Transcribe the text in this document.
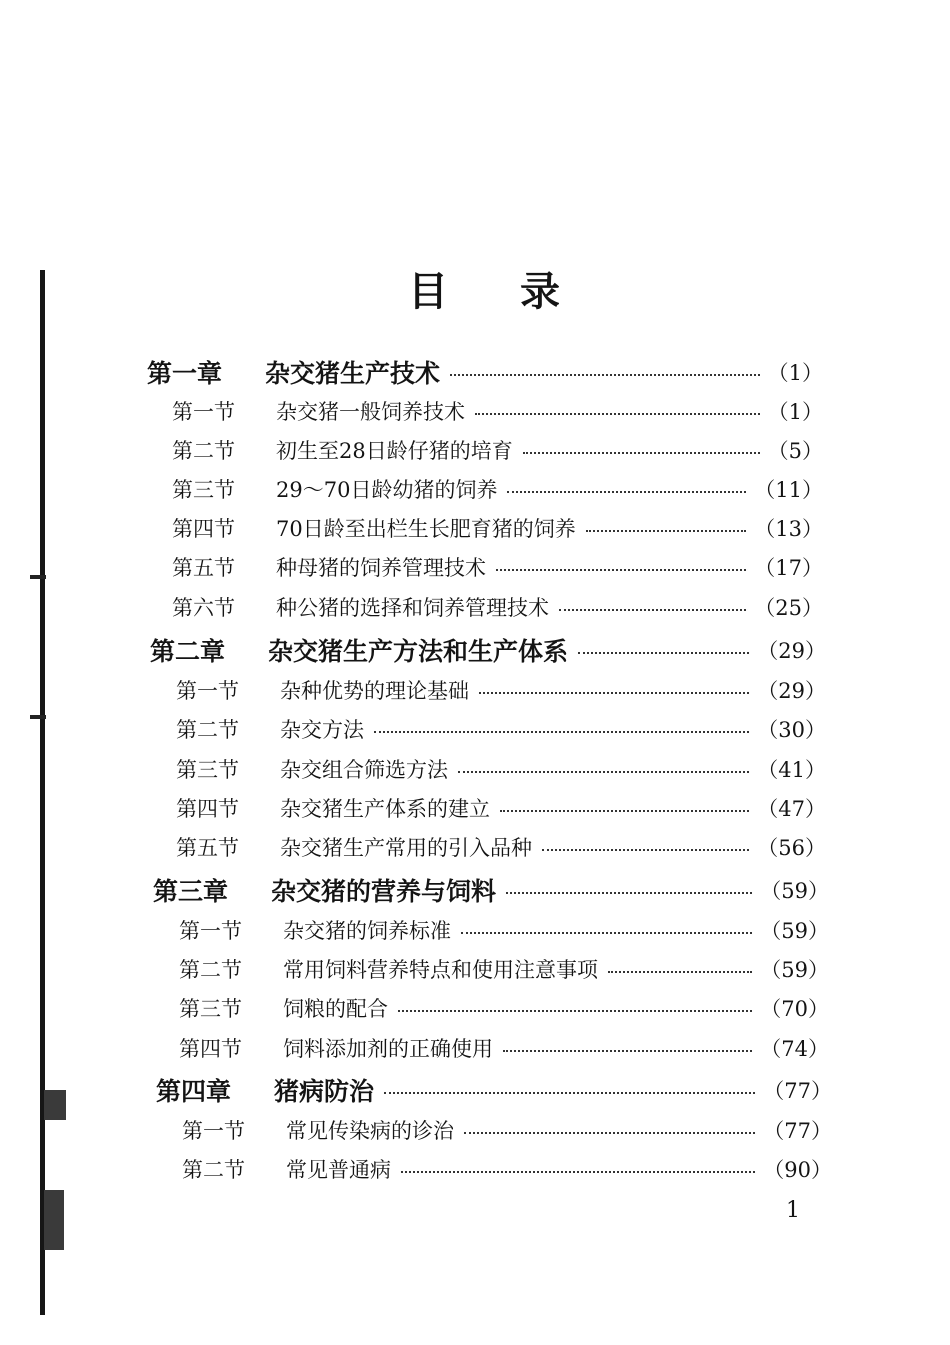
目 录
第一章	杂交猪生产技术	（1）
第一节	杂交猪一般饲养技术	（1）
第二节	初生至28日龄仔猪的培育	（5）
第三节	29～70日龄幼猪的饲养	（11）
第四节	70日龄至出栏生长肥育猪的饲养	（13）
第五节	种母猪的饲养管理技术	（17）
第六节	种公猪的选择和饲养管理技术	（25）
第二章	杂交猪生产方法和生产体系	（29）
第一节	杂种优势的理论基础	（29）
第二节	杂交方法	（30）
第三节	杂交组合筛选方法	（41）
第四节	杂交猪生产体系的建立	（47）
第五节	杂交猪生产常用的引入品种	（56）
第三章	杂交猪的营养与饲料	（59）
第一节	杂交猪的饲养标准	（59）
第二节	常用饲料营养特点和使用注意事项	（59）
第三节	饲粮的配合	（70）
第四节	饲料添加剂的正确使用	（74）
第四章	猪病防治	（77）
第一节	常见传染病的诊治	（77）
第二节	常见普通病	（90）
1
